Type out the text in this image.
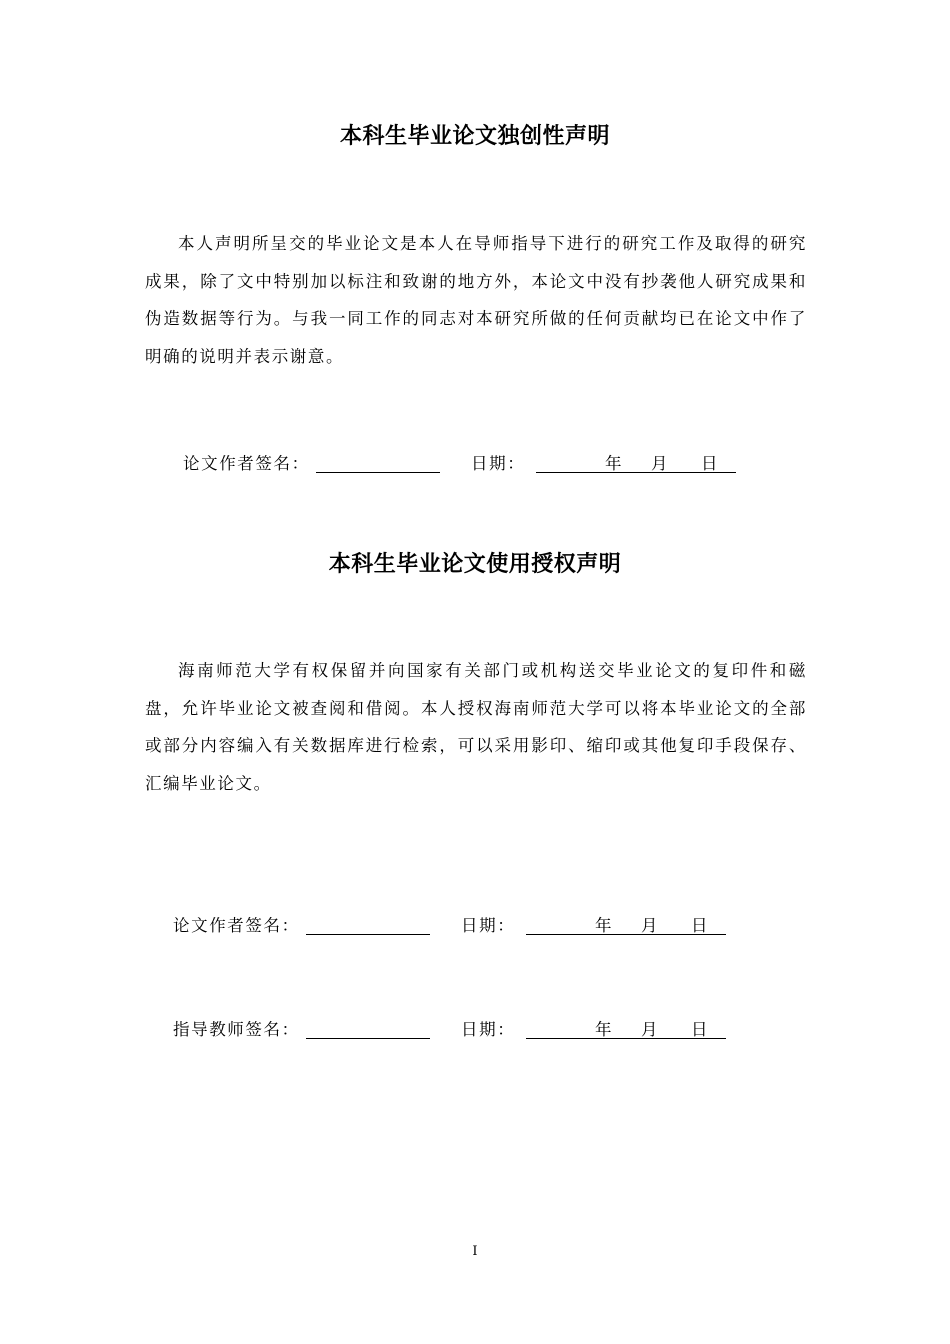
本科生毕业论文独创性声明

本人声明所呈交的毕业论文是本人在导师指导下进行的研究工作及取得的研究成果，除了文中特别加以标注和致谢的地方外，本论文中没有抄袭他人研究成果和伪造数据等行为。与我一同工作的同志对本研究所做的任何贡献均已在论文中作了明确的说明并表示谢意。

论文作者签名：	日期：	年 月 日
本科生毕业论文使用授权声明

海南师范大学有权保留并向国家有关部门或机构送交毕业论文的复印件和磁盘，允许毕业论文被查阅和借阅。本人授权海南师范大学可以将本毕业论文的全部或部分内容编入有关数据库进行检索，可以采用影印、缩印或其他复印手段保存、汇编毕业论文。

论文作者签名：	日期：	年 月 日
指导教师签名：	日期：	年 月 日
I
